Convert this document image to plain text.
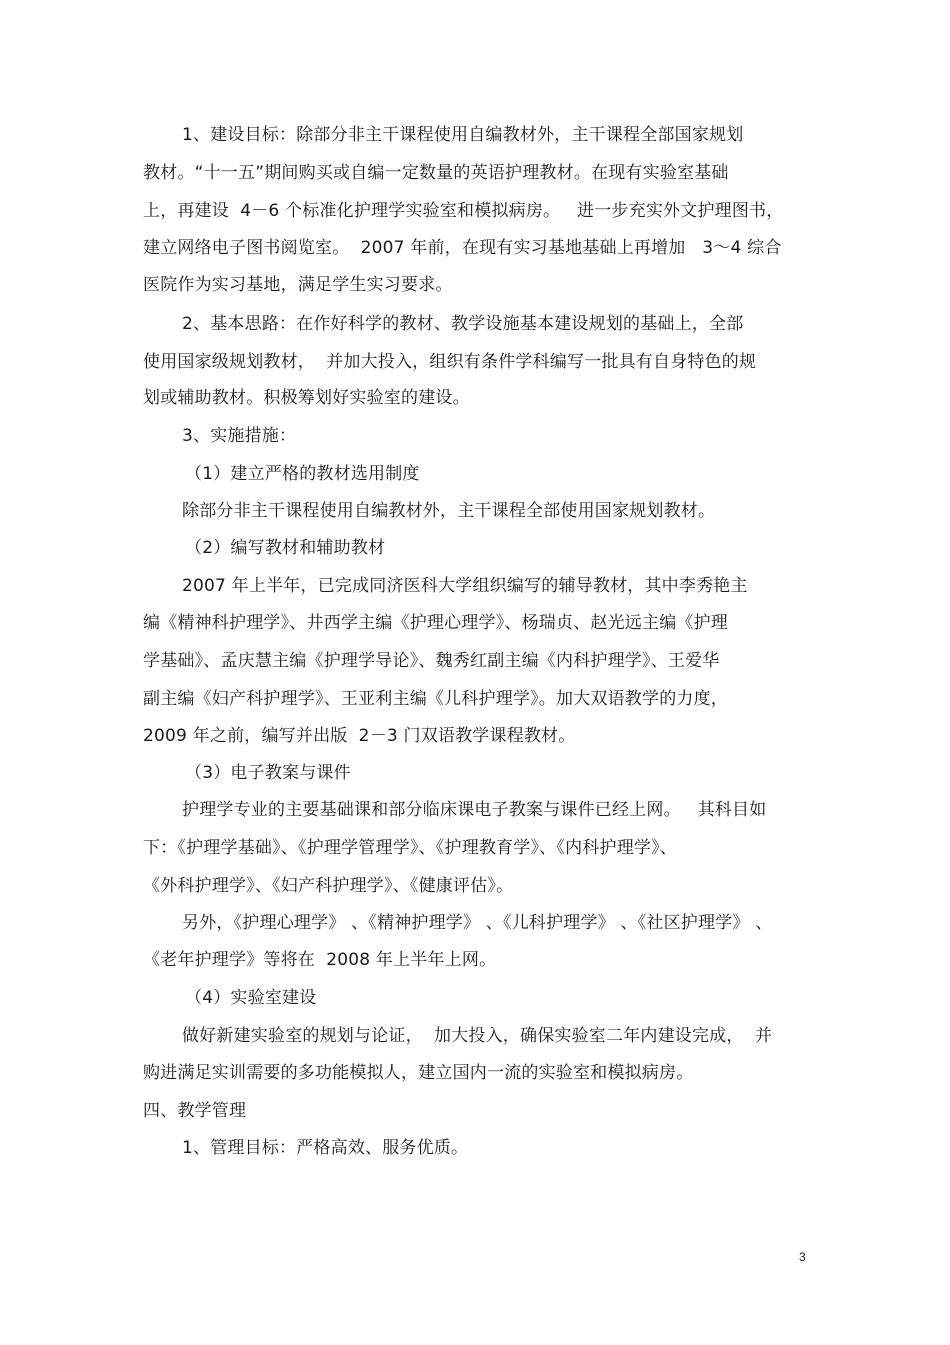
1、建设目标：除部分非主干课程使用自编教材外，主干课程全部国家规划
教材。“十一五”期间购买或自编一定数量的英语护理教材。在现有实验室基础
上，再建设  4－6 个标准化护理学实验室和模拟病房。   进一步充实外文护理图书，
建立网络电子图书阅览室。  2007 年前，在现有实习基地基础上再增加   3～4 综合
医院作为实习基地，满足学生实习要求。
2、基本思路：在作好科学的教材、教学设施基本建设规划的基础上，全部
使用国家级规划教材，  并加大投入，组织有条件学科编写一批具有自身特色的规
划或辅助教材。积极筹划好实验室的建设。
3、实施措施：
（1）建立严格的教材选用制度
除部分非主干课程使用自编教材外，主干课程全部使用国家规划教材。
（2）编写教材和辅助教材
2007 年上半年，已完成同济医科大学组织编写的辅导教材，其中李秀艳主
编《精神科护理学》、井西学主编《护理心理学》、杨瑞贞、赵光远主编《护理
学基础》、孟庆慧主编《护理学导论》、魏秀红副主编《内科护理学》、王爱华
副主编《妇产科护理学》、王亚利主编《儿科护理学》。加大双语教学的力度，
2009 年之前，编写并出版  2－3 门双语教学课程教材。
（3）电子教案与课件
护理学专业的主要基础课和部分临床课电子教案与课件已经上网。   其科目如
下：《护理学基础》、《护理学管理学》、《护理教育学》、《内科护理学》、
《外科护理学》、《妇产科护理学》、《健康评估》。
另外，《护理心理学》 、《精神护理学》 、《儿科护理学》 、《社区护理学》 、
《老年护理学》等将在  2008 年上半年上网。
（4）实验室建设
做好新建实验室的规划与论证，  加大投入，确保实验室二年内建设完成，  并
购进满足实训需要的多功能模拟人，建立国内一流的实验室和模拟病房。
四、教学管理
1、管理目标：严格高效、服务优质。
3
